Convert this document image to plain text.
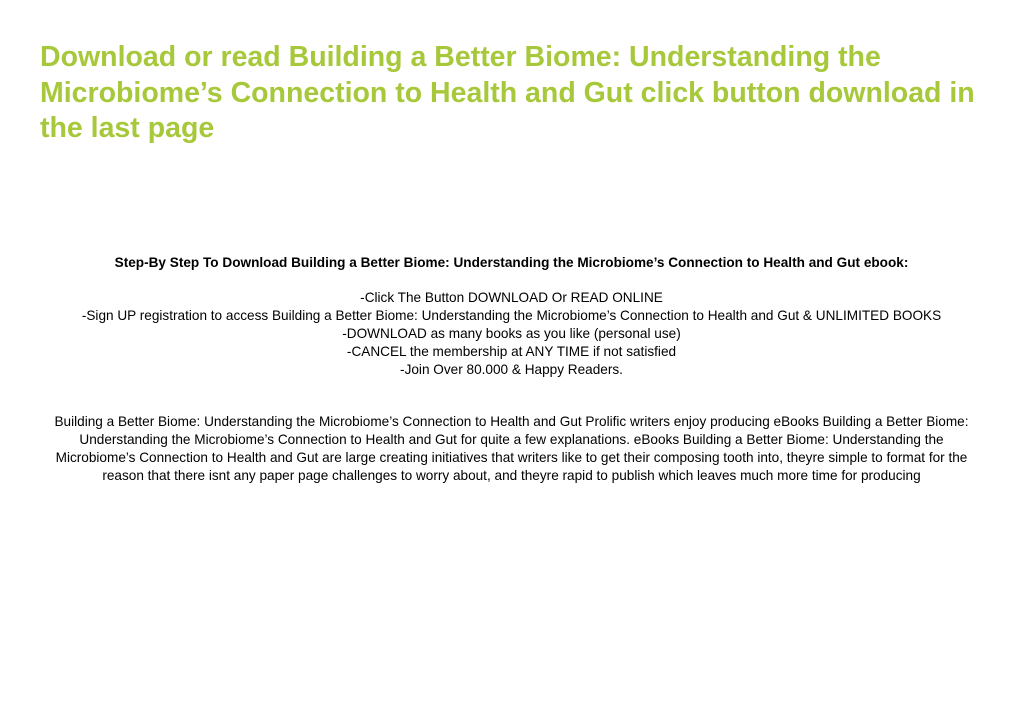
Download or read Building a Better Biome: Understanding the Microbiome’s Connection to Health and Gut click button download in the last page

Step-By Step To Download Building a Better Biome: Understanding the Microbiome’s Connection to Health and Gut ebook:

-Click The Button DOWNLOAD Or READ ONLINE
-Sign UP registration to access Building a Better Biome: Understanding the Microbiome’s Connection to Health and Gut & UNLIMITED BOOKS
-DOWNLOAD as many books as you like (personal use)
-CANCEL the membership at ANY TIME if not satisfied
-Join Over 80.000 & Happy Readers.

Building a Better Biome: Understanding the Microbiome’s Connection to Health and Gut Prolific writers enjoy producing eBooks Building a Better Biome: Understanding the Microbiome’s Connection to Health and Gut for quite a few explanations. eBooks Building a Better Biome: Understanding the Microbiome’s Connection to Health and Gut are large creating initiatives that writers like to get their composing tooth into, theyre simple to format for the reason that there isnt any paper page challenges to worry about, and theyre rapid to publish which leaves much more time for producing
